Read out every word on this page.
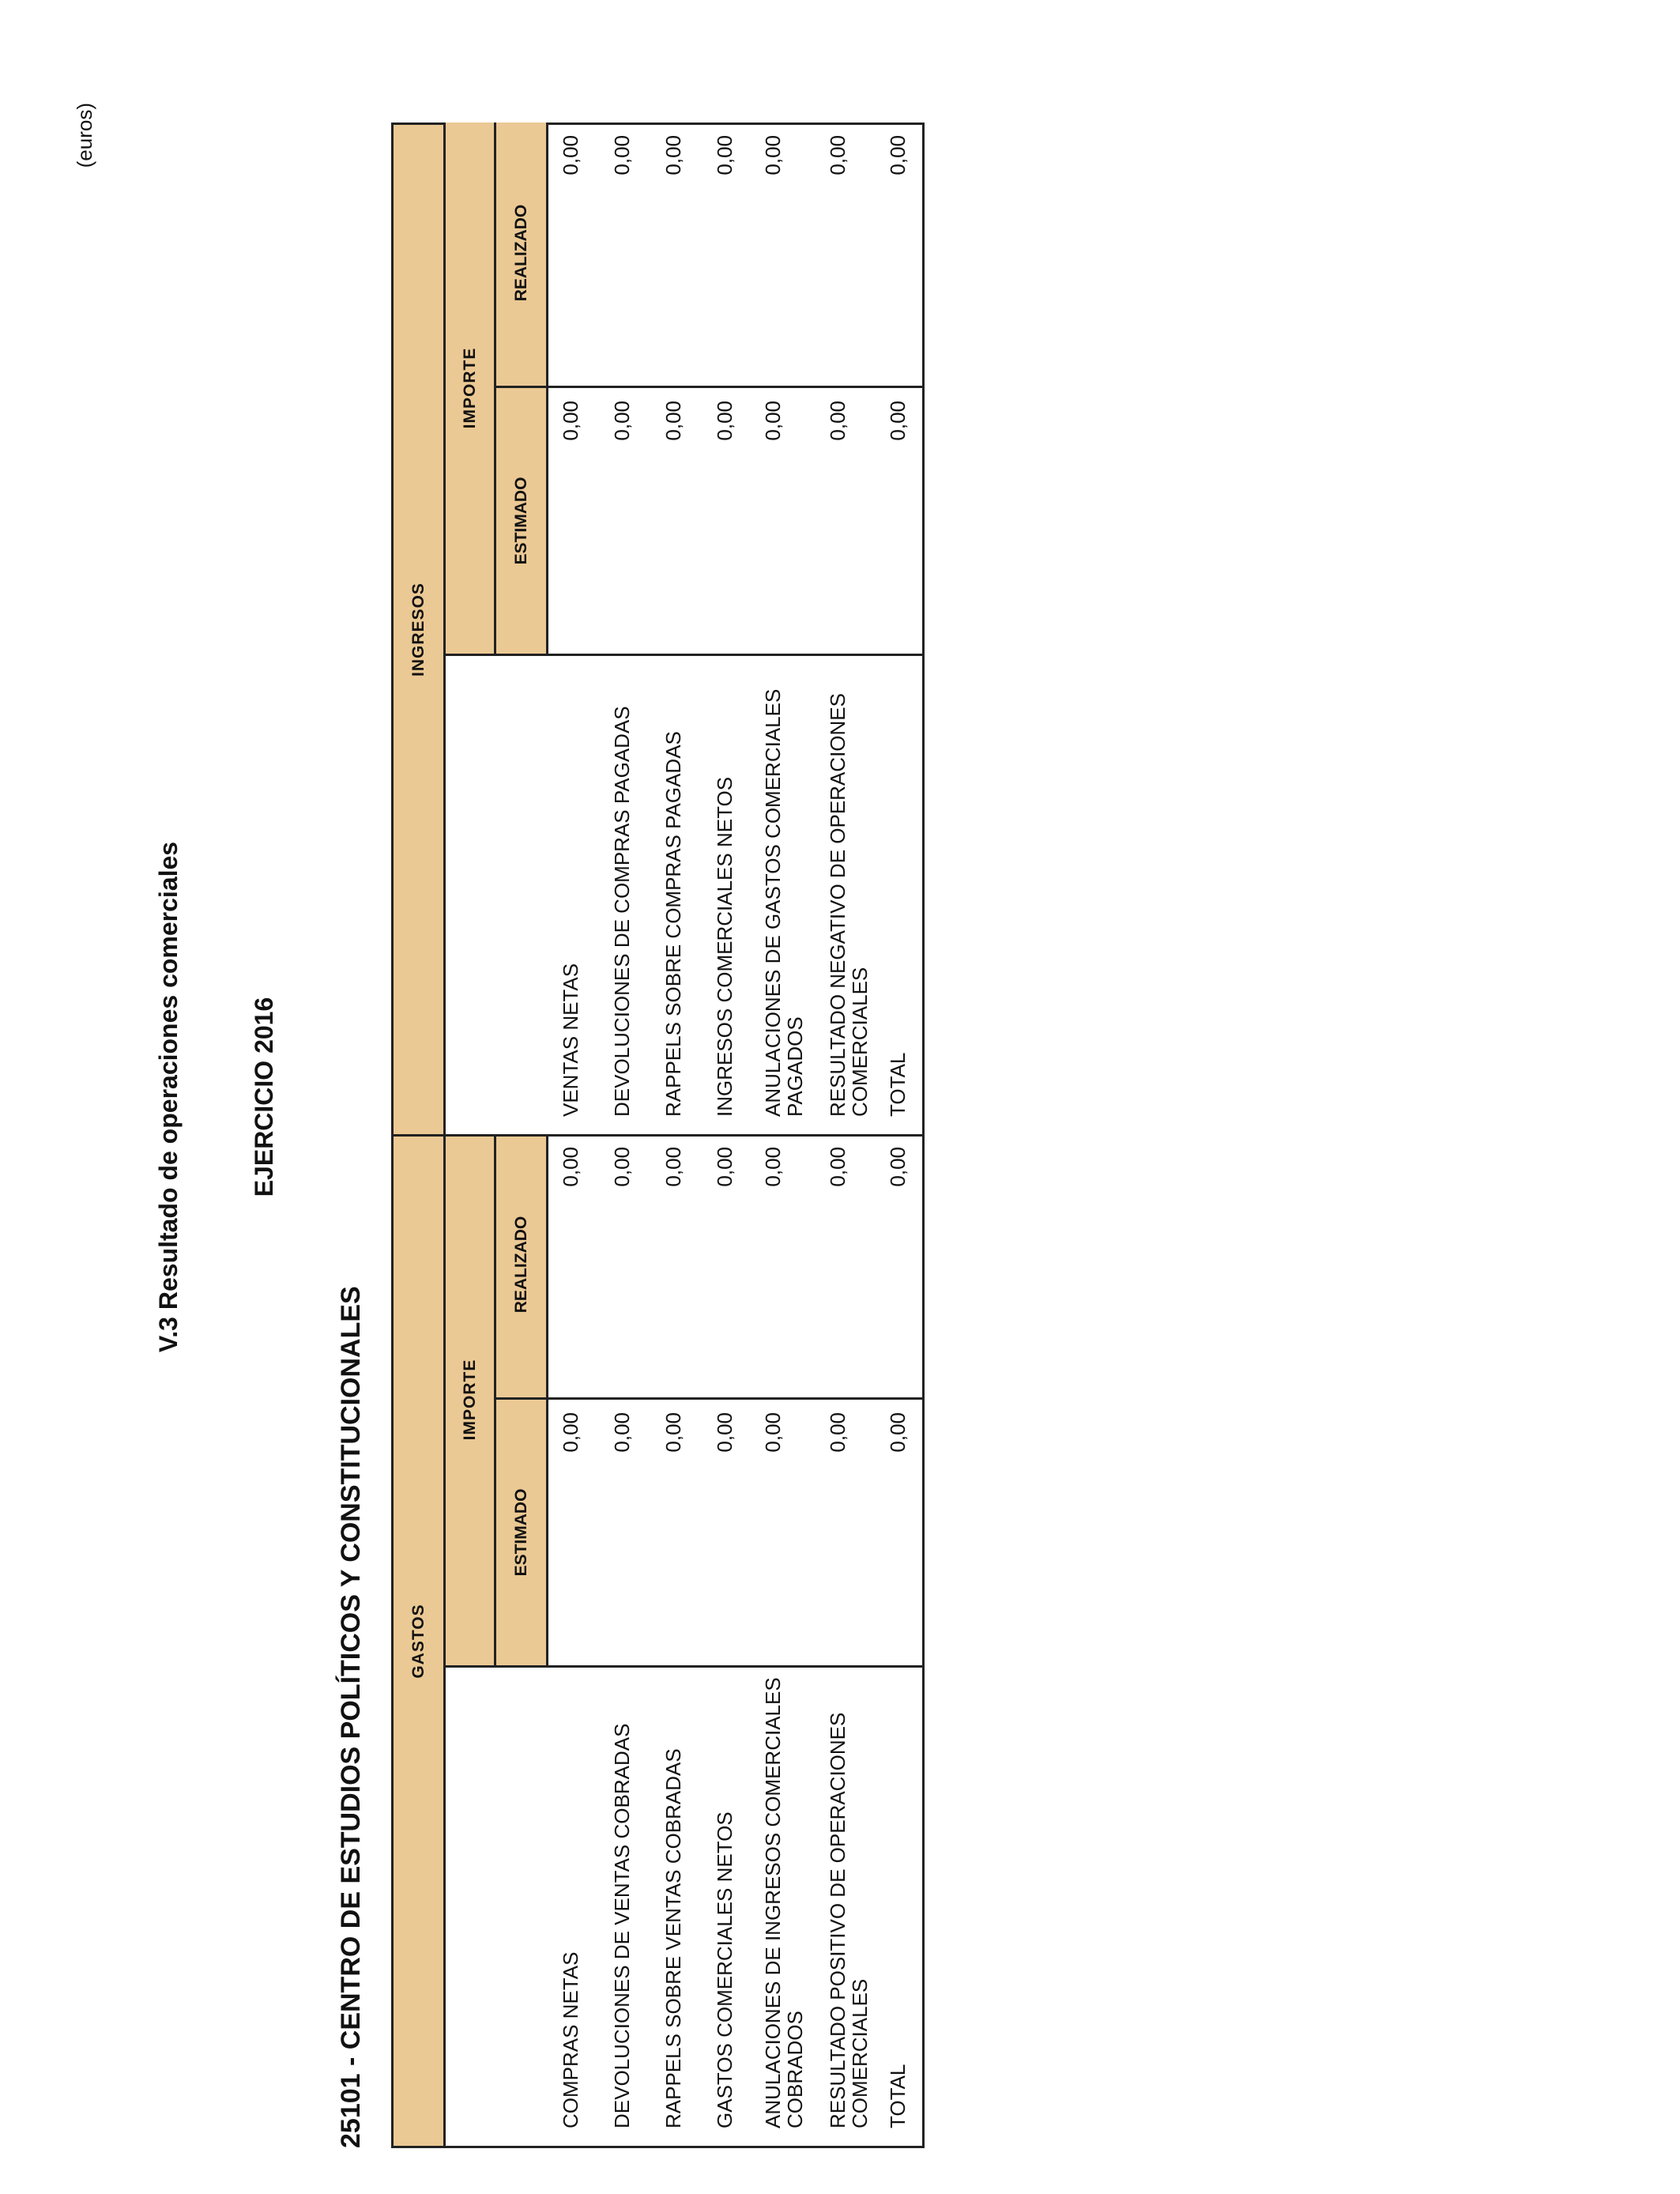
V.3 Resultado de operaciones comerciales	EJERCICIO 2016
25101 - CENTRO DE ESTUDIOS POLÍTICOS Y CONSTITUCIONALES
(euros)
GASTOS
IMPORTE
ESTIMADO
REALIZADO
COMPRAS NETAS
0,00
0,00
DEVOLUCIONES DE VENTAS COBRADAS
0,00
0,00
RAPPELS SOBRE VENTAS COBRADAS
0,00
0,00
GASTOS COMERCIALES NETOS
0,00
0,00
ANULACIONES DE INGRESOS COMERCIALES COBRADOS
0,00
0,00
RESULTADO POSITIVO DE OPERACIONES COMERCIALES
0,00
0,00
TOTAL
0,00
0,00
INGRESOS
IMPORTE
ESTIMADO
REALIZADO
VENTAS NETAS
0,00
0,00
DEVOLUCIONES DE COMPRAS PAGADAS
0,00
0,00
RAPPELS SOBRE COMPRAS PAGADAS
0,00
0,00
INGRESOS COMERCIALES NETOS
0,00
0,00
ANULACIONES DE GASTOS COMERCIALES PAGADOS
0,00
0,00
RESULTADO NEGATIVO DE OPERACIONES COMERCIALES
0,00
0,00
TOTAL
0,00
0,00
